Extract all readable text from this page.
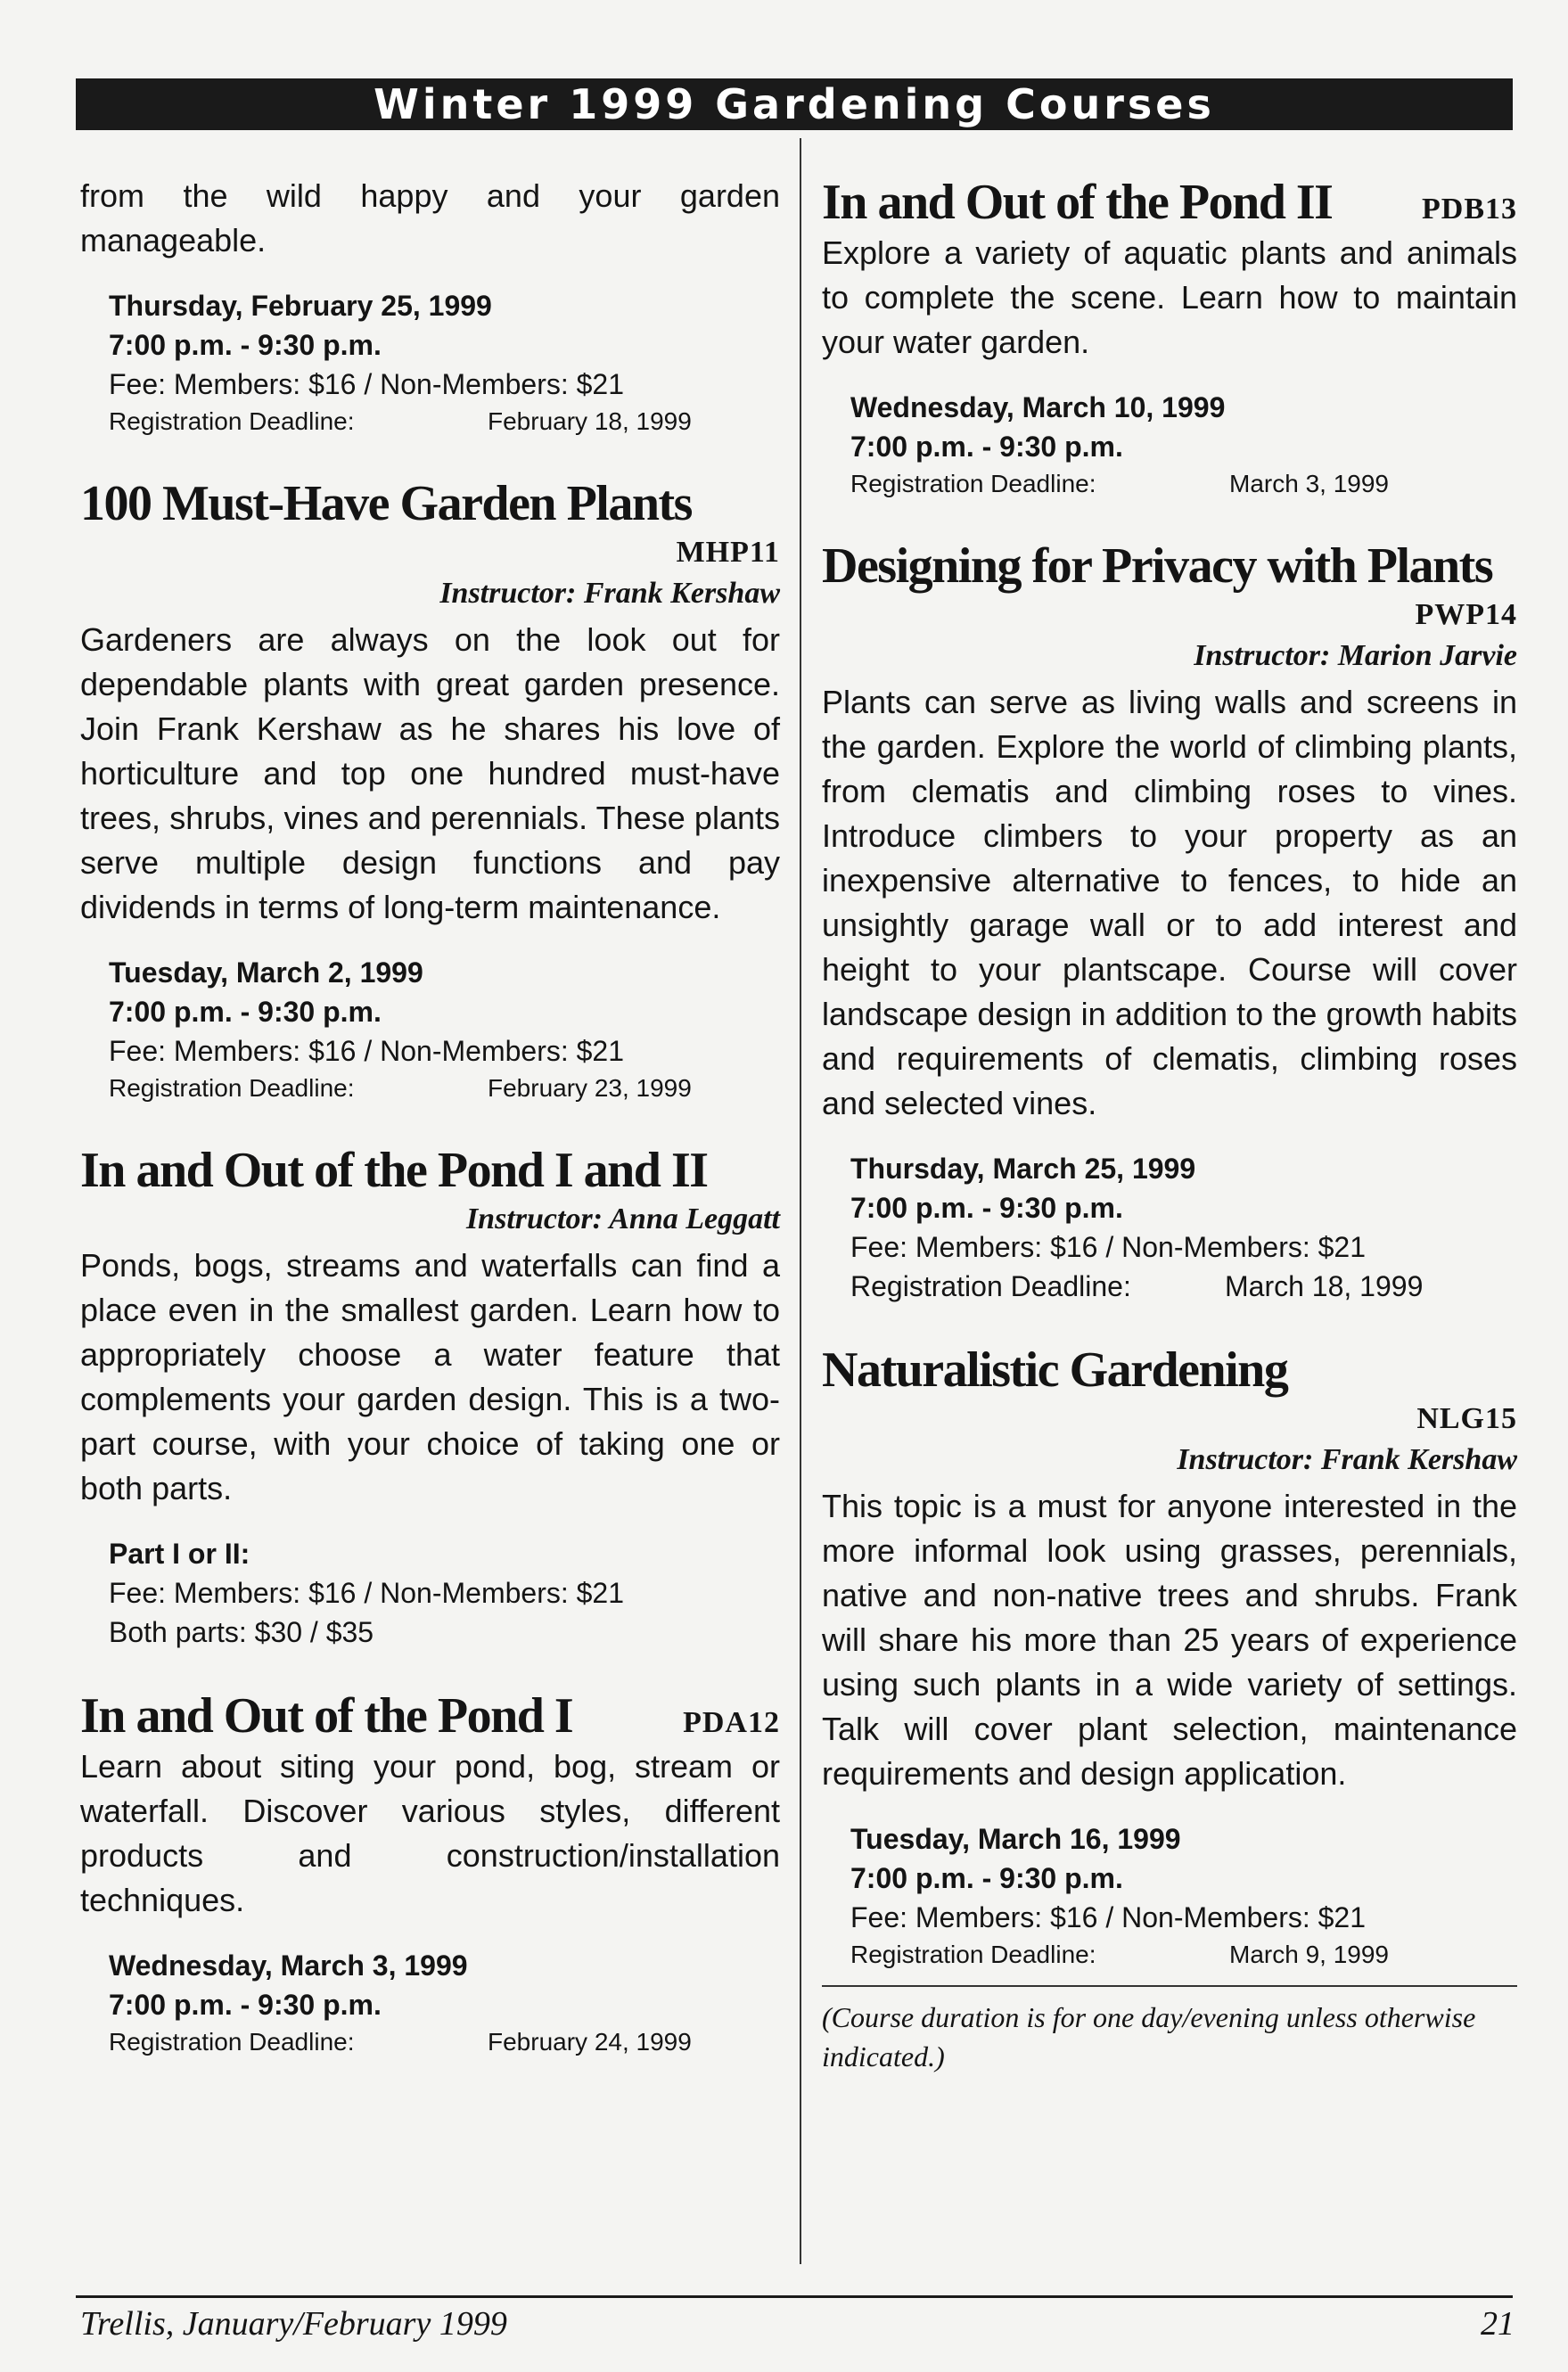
Winter 1999 Gardening Courses

from the wild happy and your garden manageable.

Thursday, February 25, 1999
7:00 p.m. - 9:30 p.m.
Fee: Members: $16 / Non-Members: $21
Registration Deadline:	February 18, 1999
100 Must-Have Garden Plants
MHP11
Instructor: Frank Kershaw

Gardeners are always on the look out for dependable plants with great garden presence. Join Frank Kershaw as he shares his love of horticulture and top one hundred must-have trees, shrubs, vines and perennials. These plants serve multiple design functions and pay dividends in terms of long-term maintenance.

Tuesday, March 2, 1999
7:00 p.m. - 9:30 p.m.
Fee: Members: $16 / Non-Members: $21
Registration Deadline:	February 23, 1999
In and Out of the Pond I and II
Instructor: Anna Leggatt

Ponds, bogs, streams and waterfalls can find a place even in the smallest garden. Learn how to appropriately choose a water feature that complements your garden design. This is a two-part course, with your choice of taking one or both parts.

Part I or II:
Fee: Members: $16 / Non-Members: $21
Both parts: $30 / $35
In and Out of the Pond I	PDA12

Learn about siting your pond, bog, stream or waterfall. Discover various styles, different products and construction/installation techniques.

Wednesday, March 3, 1999
7:00 p.m. - 9:30 p.m.
Registration Deadline:	February 24, 1999
In and Out of the Pond II	PDB13

Explore a variety of aquatic plants and animals to complete the scene. Learn how to maintain your water garden.

Wednesday, March 10, 1999
7:00 p.m. - 9:30 p.m.
Registration Deadline:	March 3, 1999
Designing for Privacy with Plants
PWP14
Instructor: Marion Jarvie

Plants can serve as living walls and screens in the garden. Explore the world of climbing plants, from clematis and climbing roses to vines. Introduce climbers to your property as an inexpensive alternative to fences, to hide an unsightly garage wall or to add interest and height to your plantscape. Course will cover landscape design in addition to the growth habits and requirements of clematis, climbing roses and selected vines.

Thursday, March 25, 1999
7:00 p.m. - 9:30 p.m.
Fee: Members: $16 / Non-Members: $21
Registration Deadline:	March 18, 1999
Naturalistic Gardening
NLG15
Instructor: Frank Kershaw

This topic is a must for anyone interested in the more informal look using grasses, perennials, native and non-native trees and shrubs. Frank will share his more than 25 years of experience using such plants in a wide variety of settings. Talk will cover plant selection, maintenance requirements and design application.

Tuesday, March 16, 1999
7:00 p.m. - 9:30 p.m.
Fee: Members: $16 / Non-Members: $21
Registration Deadline:	March 9, 1999

(Course duration is for one day/evening unless otherwise indicated.)

Trellis, January/February 1999	21
